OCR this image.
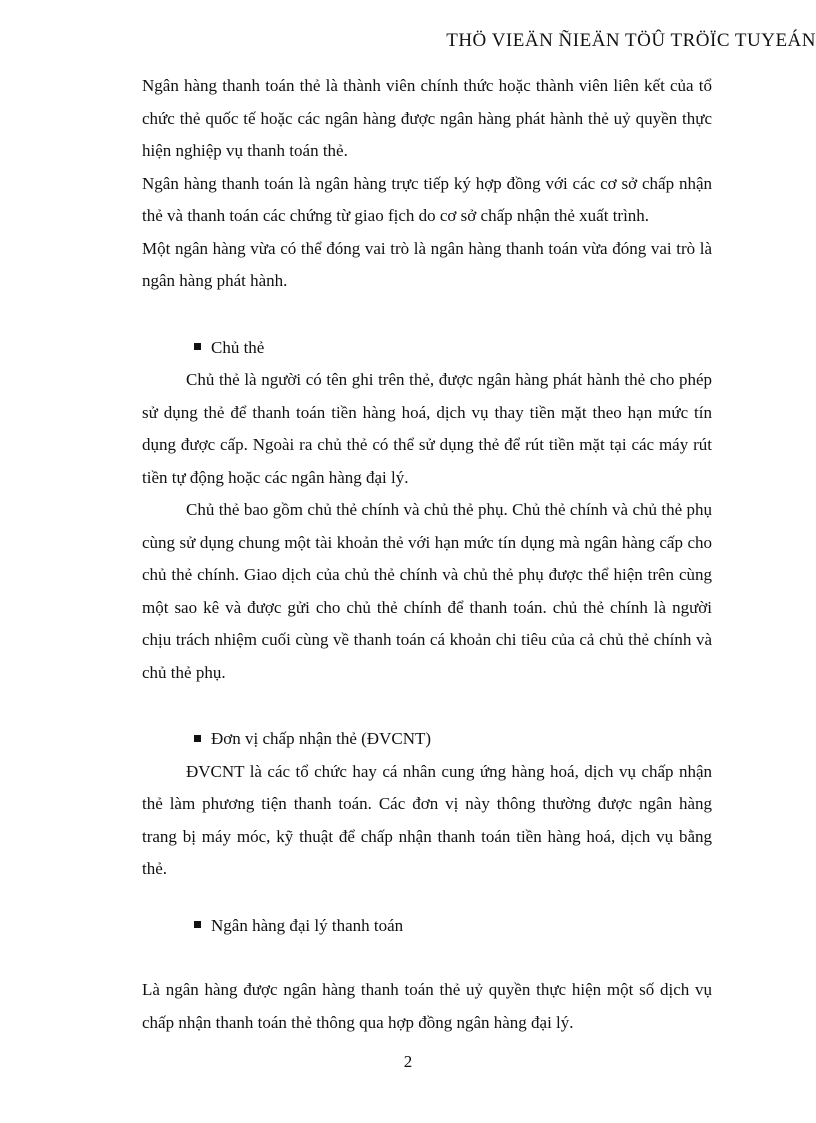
THÖ VIEÄN ÑIEÄN TÖÛ TRÖÏC TUYEÁN

Ngân hàng thanh toán thẻ là thành viên chính thức hoặc thành viên liên kết của tổ chức thẻ quốc tế hoặc các ngân hàng được ngân hàng phát hành thẻ uỷ quyền thực hiện nghiệp vụ thanh toán thẻ.

Ngân hàng thanh toán là ngân hàng trực tiếp ký hợp đồng với các cơ sở chấp nhận thẻ và thanh toán các chứng từ giao fịch do cơ sở chấp nhận thẻ xuất trình.

Một ngân hàng vừa có thể đóng vai trò là ngân hàng thanh toán vừa đóng vai trò là ngân hàng phát hành.

Chủ thẻ

Chủ thẻ là người có tên ghi trên thẻ, được ngân hàng phát hành thẻ cho phép sử dụng thẻ để thanh toán tiền hàng hoá, dịch vụ thay tiền mặt theo hạn mức tín dụng được cấp. Ngoài ra chủ thẻ có thể sử dụng thẻ để rút tiền mặt tại các máy rút tiền tự động hoặc các ngân hàng đại lý.

Chủ thẻ bao gồm chủ thẻ chính và chủ thẻ phụ. Chủ thẻ chính và chủ thẻ phụ cùng sử dụng chung một tài khoản thẻ với hạn mức tín dụng mà ngân hàng cấp cho chủ thẻ chính. Giao dịch của chủ thẻ chính và chủ thẻ phụ được thể hiện trên cùng một sao kê và được gửi cho chủ thẻ chính để thanh toán. chủ thẻ chính là người chịu trách nhiệm cuối cùng về thanh toán cá khoản chi tiêu của cả chủ thẻ chính và chủ thẻ phụ.

Đơn vị chấp nhận thẻ (ĐVCNT)

ĐVCNT là các tổ chức hay cá nhân cung ứng hàng hoá, dịch vụ chấp nhận thẻ làm phương tiện thanh toán. Các đơn vị này thông thường được ngân hàng trang bị máy móc, kỹ thuật để chấp nhận thanh toán tiền hàng hoá, dịch vụ bằng thẻ.

Ngân hàng đại lý thanh toán

Là ngân hàng được ngân hàng thanh toán thẻ uỷ quyền thực hiện một số dịch vụ chấp nhận thanh toán thẻ thông qua hợp đồng ngân hàng đại lý.

2
